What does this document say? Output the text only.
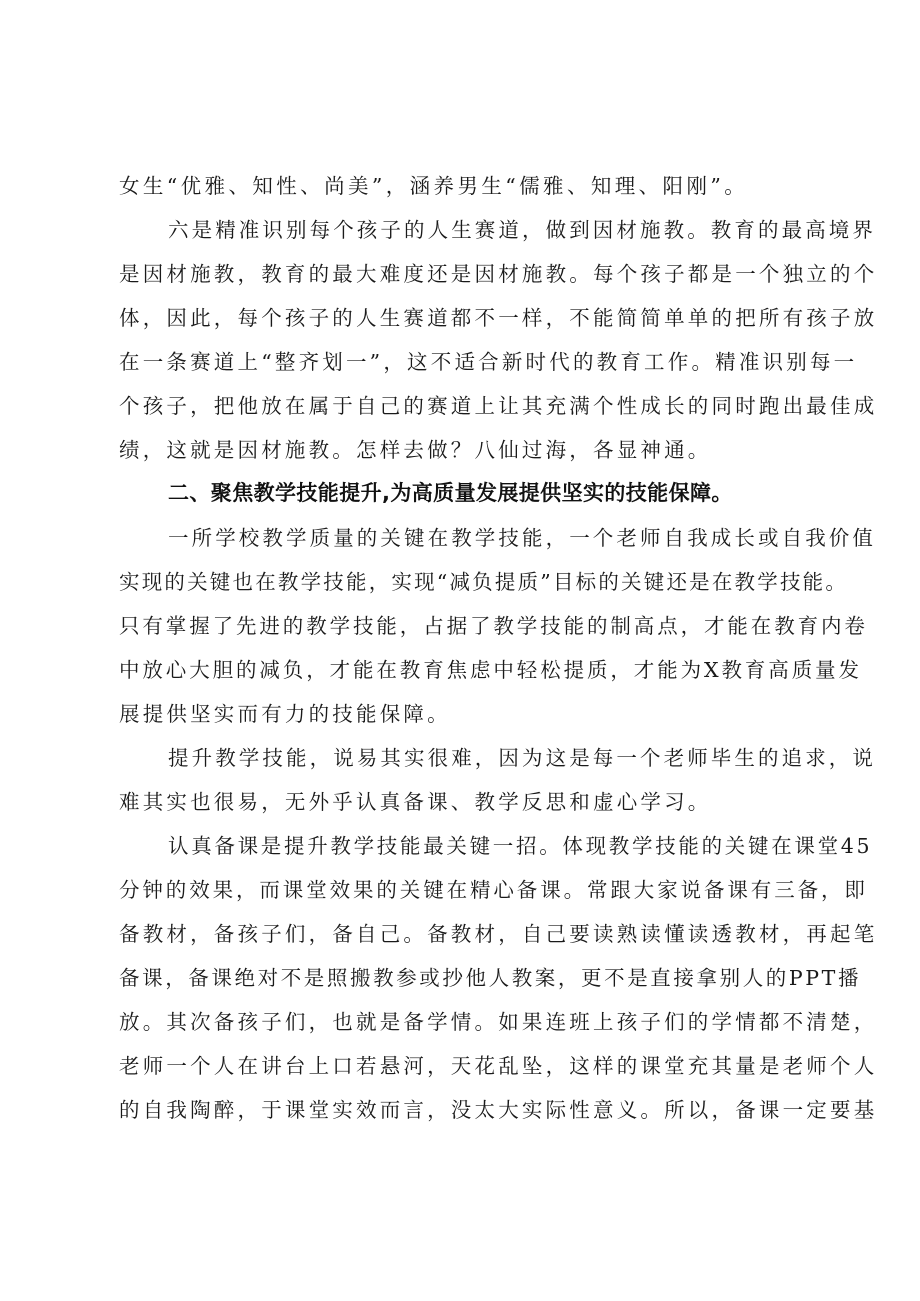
女生“优雅、知性、尚美”，涵养男生“儒雅、知理、阳刚”。
六是精准识别每个孩子的人生赛道，做到因材施教。教育的最高境界
是因材施教，教育的最大难度还是因材施教。每个孩子都是一个独立的个
体，因此，每个孩子的人生赛道都不一样，不能简简单单的把所有孩子放
在一条赛道上“整齐划一”，这不适合新时代的教育工作。精准识别每一
个孩子，把他放在属于自己的赛道上让其充满个性成长的同时跑出最佳成
绩，这就是因材施教。怎样去做？八仙过海，各显神通。
二、聚焦教学技能提升,为高质量发展提供坚实的技能保障。
一所学校教学质量的关键在教学技能，一个老师自我成长或自我价值
实现的关键也在教学技能，实现“减负提质”目标的关键还是在教学技能。
只有掌握了先进的教学技能，占据了教学技能的制高点，才能在教育内卷
中放心大胆的减负，才能在教育焦虑中轻松提质，才能为X教育高质量发
展提供坚实而有力的技能保障。
提升教学技能，说易其实很难，因为这是每一个老师毕生的追求，说
难其实也很易，无外乎认真备课、教学反思和虚心学习。
认真备课是提升教学技能最关键一招。体现教学技能的关键在课堂45
分钟的效果，而课堂效果的关键在精心备课。常跟大家说备课有三备，即
备教材，备孩子们，备自己。备教材，自己要读熟读懂读透教材，再起笔
备课，备课绝对不是照搬教参或抄他人教案，更不是直接拿别人的PPT播
放。其次备孩子们，也就是备学情。如果连班上孩子们的学情都不清楚，
老师一个人在讲台上口若悬河，天花乱坠，这样的课堂充其量是老师个人
的自我陶醉，于课堂实效而言，没太大实际性意义。所以，备课一定要基
